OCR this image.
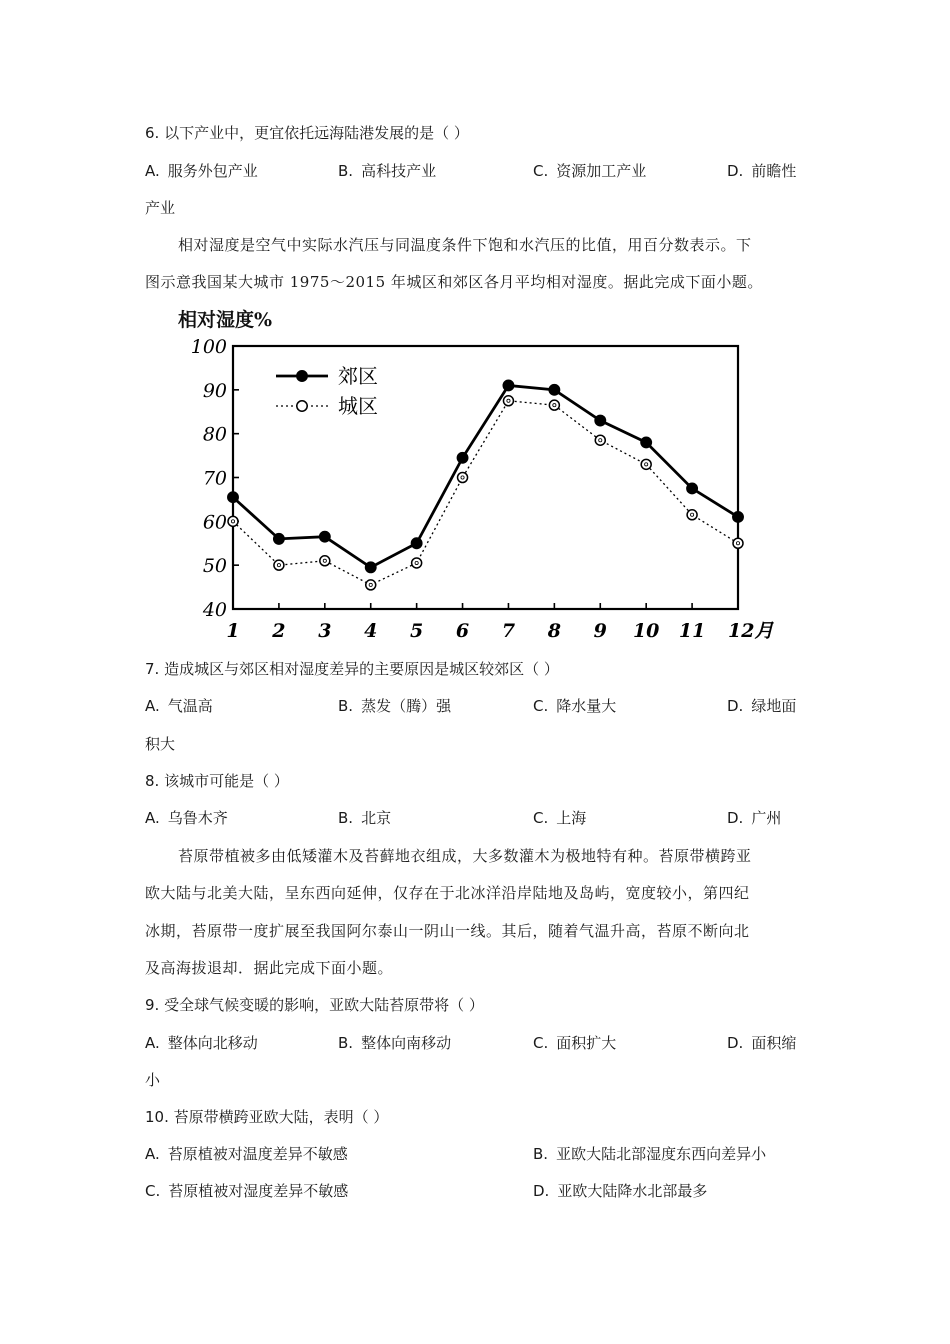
6. 以下产业中，更宜依托远海陆港发展的是（ ）
A. 服务外包产业	B. 高科技产业	C. 资源加工产业	D. 前瞻性
产业
相对湿度是空气中实际水汽压与同温度条件下饱和水汽压的比值，用百分数表示。下
图示意我国某大城市 1975～2015 年城区和郊区各月平均相对湿度。据此完成下面小题。
相对湿度%
40
50
60
70
80
90
100
1 2 3 4 5 6 7 8 9 10 11 12月
郊区
城区
7. 造成城区与郊区相对湿度差异的主要原因是城区较郊区（ ）
A. 气温高	B. 蒸发（腾）强	C. 降水量大	D. 绿地面
积大
8. 该城市可能是（ ）
A. 乌鲁木齐	B. 北京	C. 上海	D. 广州
苔原带植被多由低矮灌木及苔藓地衣组成，大多数灌木为极地特有种。苔原带横跨亚
欧大陆与北美大陆，呈东西向延伸，仅存在于北冰洋沿岸陆地及岛屿，宽度较小，第四纪
冰期，苔原带一度扩展至我国阿尔泰山一阴山一线。其后，随着气温升高，苔原不断向北
及高海拔退却．据此完成下面小题。
9. 受全球气候变暖的影响，亚欧大陆苔原带将（ ）
A. 整体向北移动	B. 整体向南移动	C. 面积扩大	D. 面积缩
小
10. 苔原带横跨亚欧大陆，表明（ ）
A. 苔原植被对温度差异不敏感	B. 亚欧大陆北部湿度东西向差异小
C. 苔原植被对湿度差异不敏感	D. 亚欧大陆降水北部最多
